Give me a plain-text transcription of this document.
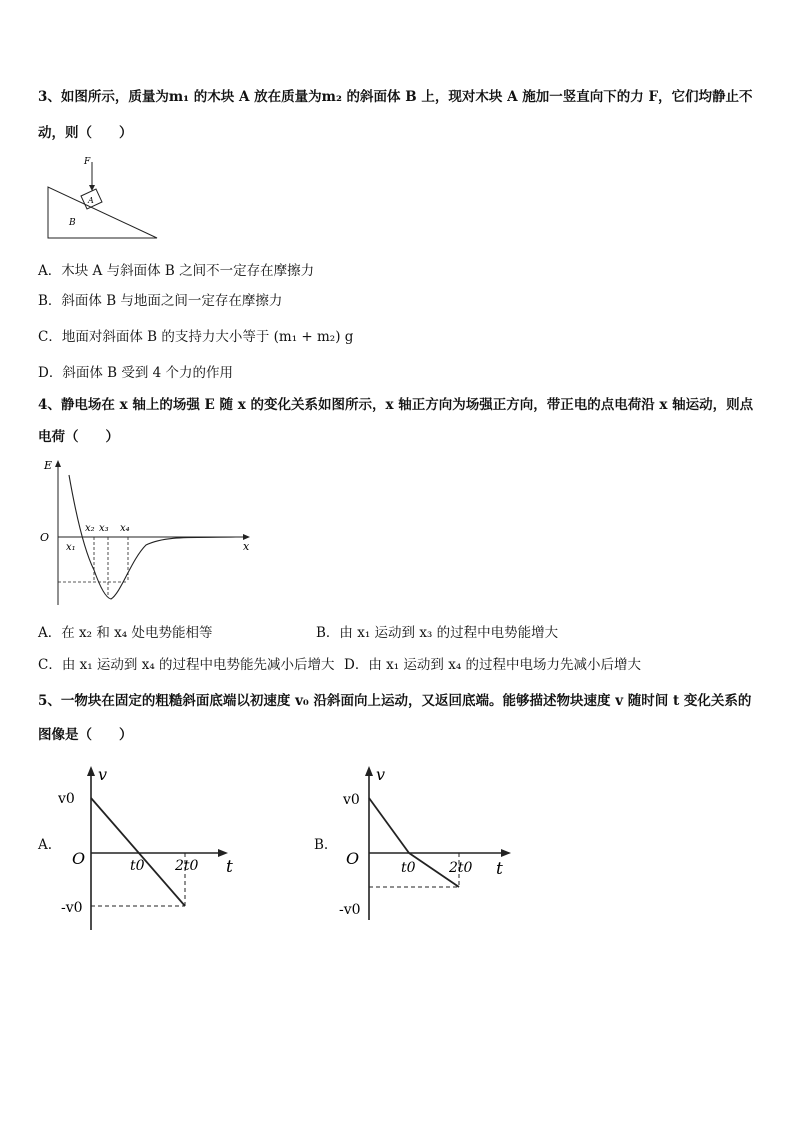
3、如图所示，质量为m₁ 的木块 A 放在质量为m₂ 的斜面体 B 上，现对木块 A 施加一竖直向下的力 F，它们均静止不
动，则（　　）
F
A
B
A．木块 A 与斜面体 B 之间不一定存在摩擦力
B．斜面体 B 与地面之间一定存在摩擦力
C．地面对斜面体 B 的支持力大小等于 (m₁ + m₂) g
D．斜面体 B 受到 4 个力的作用
4、静电场在 x 轴上的场强 E 随 x 的变化关系如图所示，x 轴正方向为场强正方向，带正电的点电荷沿 x 轴运动，则点
电荷（　　）
E
x
O
x₁
x₂ x₃ x₄
A．在 x₂ 和 x₄ 处电势能相等	B．由 x₁ 运动到 x₃ 的过程中电势能增大
C．由 x₁ 运动到 x₄ 的过程中电势能先减小后增大 D．由 x₁ 运动到 x₄ 的过程中电场力先减小后增大
5、一物块在固定的粗糙斜面底端以初速度 v₀ 沿斜面向上运动，又返回底端。能够描述物块速度 v 随时间 t 变化关系的
图像是（　　）
A.
v
v0
O	t0 2t0 t
-v0
B.
v
v0
O	t0 2t0 t
-v0
